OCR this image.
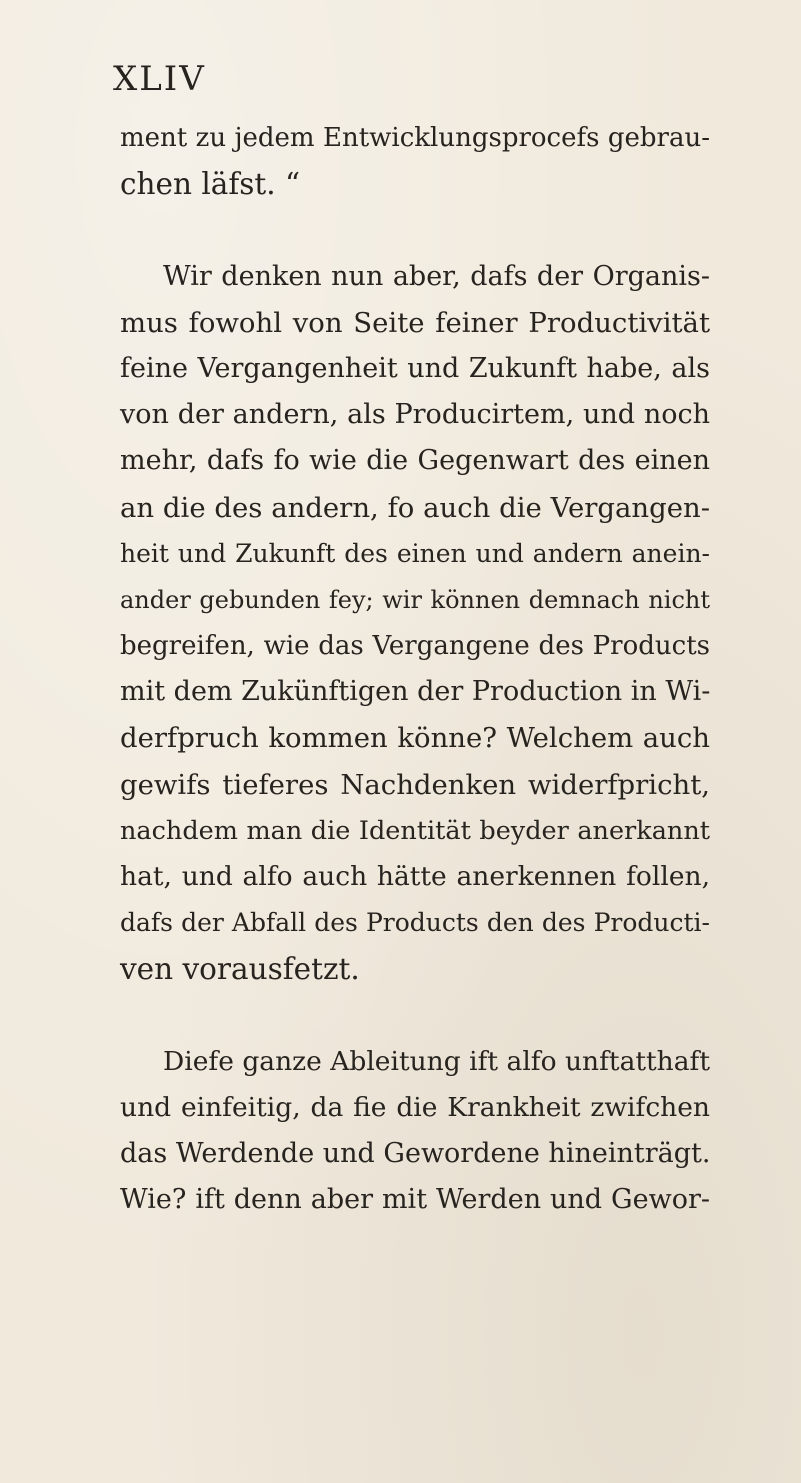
XLIV
ment zu jedem Entwicklungsprocefs gebrau-
chen läfst. “
Wir denken nun aber, dafs der Organis-
mus fowohl von Seite feiner Productivität
feine Vergangenheit und Zukunft habe, als
von der andern, als Producirtem, und noch
mehr, dafs fo wie die Gegenwart des einen
an die des andern, fo auch die Vergangen-
heit und Zukunft des einen und andern anein-
ander gebunden fey; wir können demnach nicht
begreifen, wie das Vergangene des Products
mit dem Zukünftigen der Production in Wi-
derfpruch kommen könne? Welchem auch
gewifs tieferes Nachdenken widerfpricht,
nachdem man die Identität beyder anerkannt
hat, und alfo auch hätte anerkennen follen,
dafs der Abfall des Products den des Producti-
ven vorausfetzt.
Diefe ganze Ableitung ift alfo unftatthaft
und einfeitig, da fie die Krankheit zwifchen
das Werdende und Gewordene hineinträgt.
Wie? ift denn aber mit Werden und Gewor-
